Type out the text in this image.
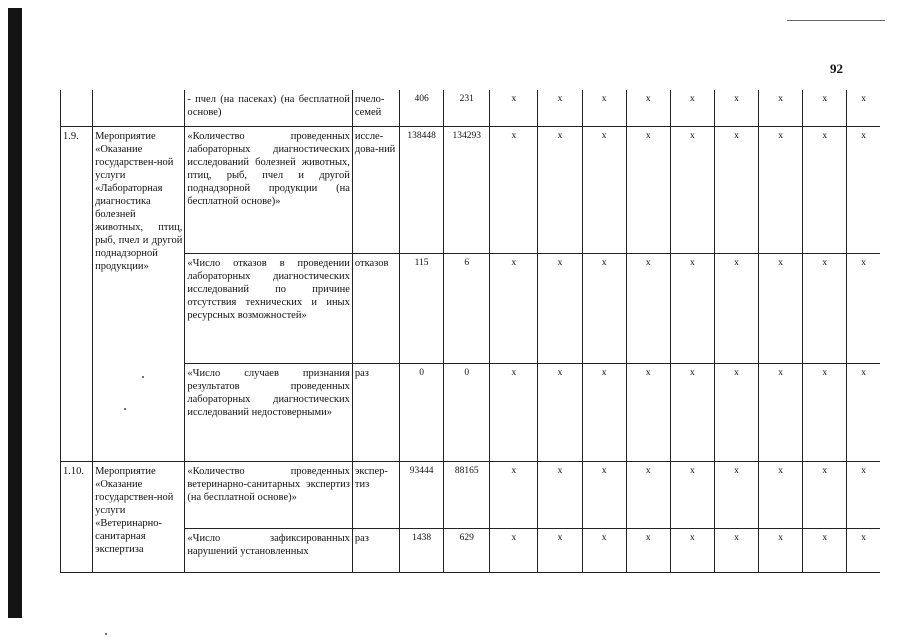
92
		- пчел (на пасеках) (на бесплатной основе)	пчело-семей	406	231	x	x	x	x	x	x	x	x	x
1.9.	Мероприятие «Оказание государствен-ной услуги «Лабораторная диагностика болезней животных, птиц, рыб, пчел и другой поднадзорной продукции»	«Количество проведенных лабораторных диагностических исследований болезней животных, птиц, рыб, пчел и другой поднадзорной продукции (на бесплатной основе)»	иссле-дова-ний	138448	134293	x	x	x	x	x	x	x	x	x
		«Число отказов в проведении лабораторных диагностических исследований по причине отсутствия технических и иных ресурсных возможностей»	отказов	115	6	x	x	x	x	x	x	x	x	x
		«Число случаев признания результатов проведенных лабораторных диагностических исследований недостоверными»	раз	0	0	x	x	x	x	x	x	x	x	x
1.10.	Мероприятие «Оказание государствен-ной услуги «Ветеринарно-санитарная экспертиза	«Количество проведенных ветеринарно-санитарных экспертиз (на бесплатной основе)»	экспер-тиз	93444	88165	x	x	x	x	x	x	x	x	x
		«Число зафиксированных нарушений установленных	раз	1438	629	x	x	x	x	x	x	x	x	x
